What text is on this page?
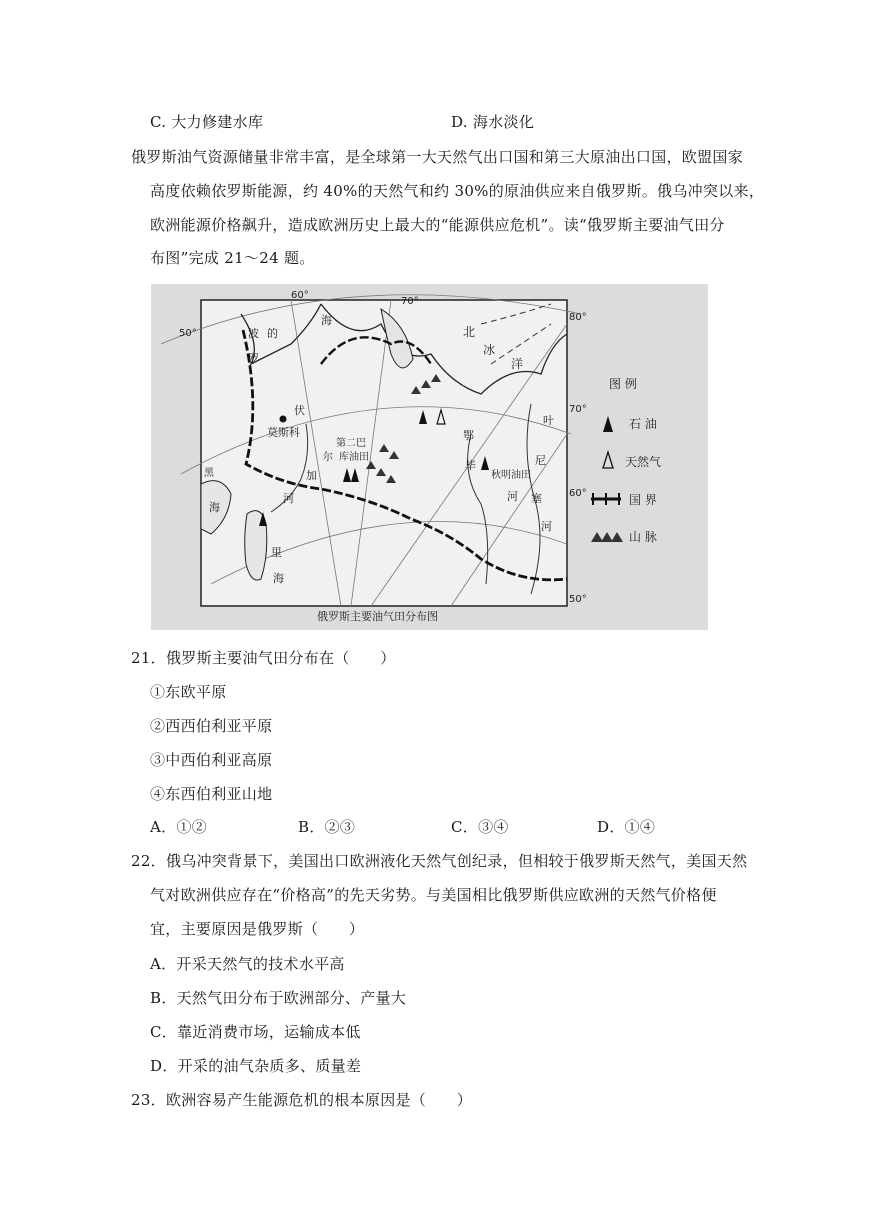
C. 大力修建水库	D. 海水淡化
俄罗斯油气资源储量非常丰富，是全球第一大天然气出口国和第三大原油出口国，欧盟国家
高度依赖依罗斯能源，约 40%的天然气和约 30%的原油供应来自俄罗斯。俄乌冲突以来，
欧洲能源价格飙升，造成欧洲历史上最大的“能源供应危机”。读“俄罗斯主要油气田分
布图”完成 21～24 题。
50°
60°
70°
80°
70°
60°
50°
波
罗
的
海
北
冰
洋
伏
莫斯科
第二巴
库油田
尔
加
河
鄂
毕
河
秋明油田
叶
尼
塞
河
黑
海
里
海
图 例
石 油
天然气
国 界
山 脉
俄罗斯主要油气田分布图
21．俄罗斯主要油气田分布在（　　）
①东欧平原
②西西伯利亚平原
③中西伯利亚高原
④东西伯利亚山地
A．①②	B．②③	C．③④	D．①④
22．俄乌冲突背景下，美国出口欧洲液化天然气创纪录，但相较于俄罗斯天然气，美国天然
气对欧洲供应存在“价格高”的先天劣势。与美国相比俄罗斯供应欧洲的天然气价格便
宜，主要原因是俄罗斯（　　）
A．开采天然气的技术水平高
B．天然气田分布于欧洲部分、产量大
C．靠近消费市场，运输成本低
D．开采的油气杂质多、质量差
23．欧洲容易产生能源危机的根本原因是（　　）
